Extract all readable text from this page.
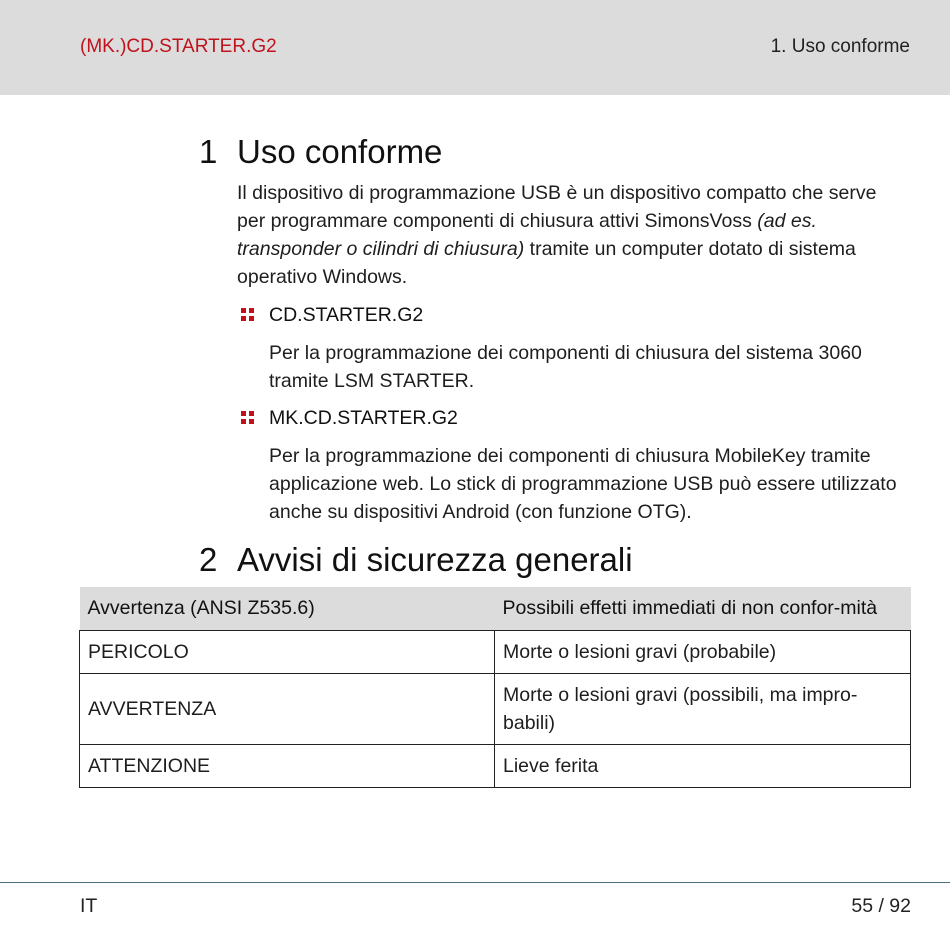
(MK.)CD.STARTER.G2	1. Uso conforme
1 Uso conforme
Il dispositivo di programmazione USB è un dispositivo compatto che serve per programmare componenti di chiusura attivi SimonsVoss (ad es. transponder o cilindri di chiusura) tramite un computer dotato di sistema operativo Windows.
CD.STARTER.G2
Per la programmazione dei componenti di chiusura del sistema 3060 tramite LSM STARTER.
MK.CD.STARTER.G2
Per la programmazione dei componenti di chiusura MobileKey tramite applicazione web. Lo stick di programmazione USB può essere utilizzato anche su dispositivi Android (con funzione OTG).
2 Avvisi di sicurezza generali
Avvertenza (ANSI Z535.6)	Possibili effetti immediati di non confor-mità
PERICOLO	Morte o lesioni gravi (probabile)
AVVERTENZA	Morte o lesioni gravi (possibili, ma impro-babili)
ATTENZIONE	Lieve ferita
IT	55 / 92
